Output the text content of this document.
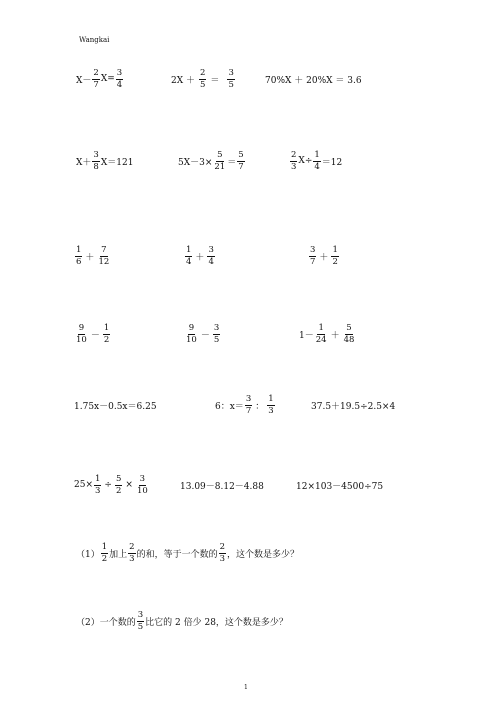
Wangkai
$X- \frac{2}{7} X= \frac{3}{4}$	$2X + \frac{2}{5} = \frac{3}{5}$	70%X ＋ 20%X ＝ 3.6
$X+ \frac{3}{8} X=121$	$5X-3\times \frac{5}{21} = \frac{5}{7}$	$\frac{2}{3} X\div \frac{1}{4} =12$
$\frac{1}{6} + \frac{7}{12}$	$\frac{1}{4} + \frac{3}{4}$	$\frac{3}{7} + \frac{1}{2}$
$\frac{9}{10} - \frac{1}{2}$	$\frac{9}{10} - \frac{3}{5}$	$1- \frac{1}{24} + \frac{5}{48}$
1.75x－0.5x＝6.25	6：$x= \frac{3}{7}$ ： $\frac{1}{3}$	37.5＋19.5÷2.5×4
$25\times \frac{1}{3} \div \frac{5}{2} \times \frac{3}{10}$	13.09－8.12－4.88	12×103－4500÷75
$(1) \frac{1}{2}$ 加上 $\frac{2}{3}$ 的和，等于一个数的 $\frac{2}{3}$ ，这个数是多少？
（2） 一个数的 $\frac{3}{5}$ 比它的 2 倍少 28，这个数是多少？
1
